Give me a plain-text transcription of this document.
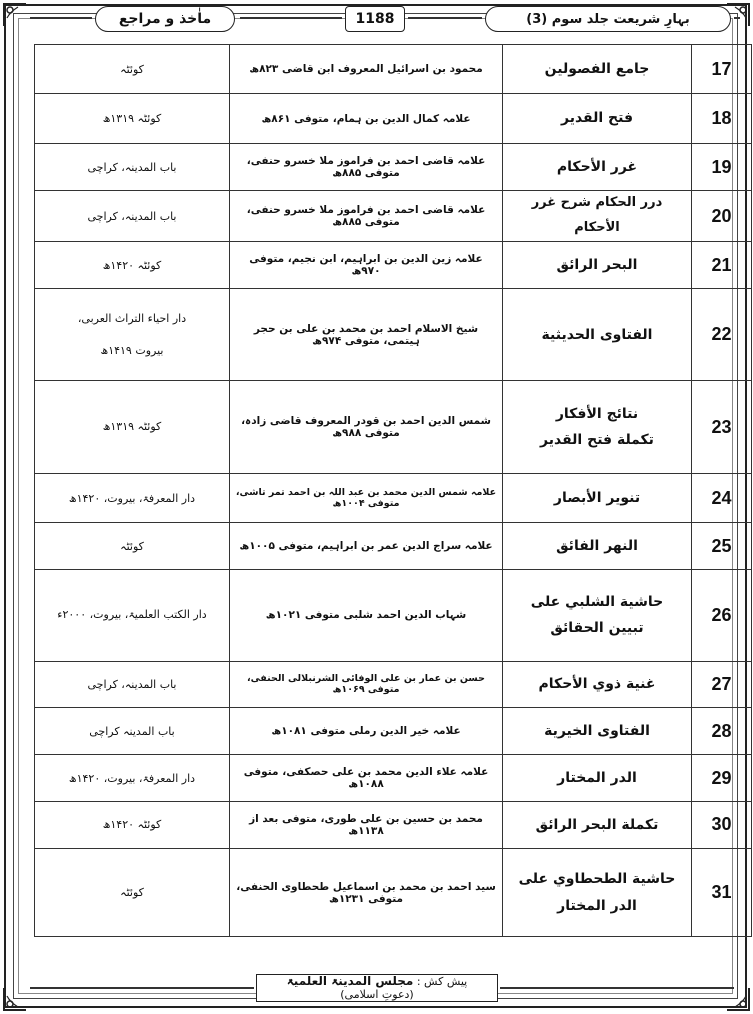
بہارِ شریعت جلد سوم (3)
1188
ماٰخذ و مراجع
کوئٹہ	محمود بن اسرائیل المعروف ابن قاضی ۸۲۳ھ	جامع الفصولين	17
کوئٹہ ۱۳۱۹ھ	علامہ کمال الدین بن ہمام، متوفی ۸۶۱ھ	فتح القدير	18
باب المدینہ، کراچی	علامہ قاضی احمد بن فراموز ملا خسرو حنفی، متوفی ۸۸۵ھ	غرر الأحكام	19
باب المدینہ، کراچی	علامہ قاضی احمد بن فراموز ملا خسرو حنفی، متوفی ۸۸۵ھ	درر الحكام شرح غرر الأحكام	20
کوئٹہ ۱۴۲۰ھ	علامہ زین الدین بن ابراہیم، ابن نجیم، متوفی ۹۷۰ھ	البحر الرائق	21

دار احیاء التراث العربی،
بیروت ۱۴۱۹ھ	شیخ الاسلام احمد بن محمد بن علی بن حجر ہیتمی، متوفی ۹۷۴ھ	الفتاوى الحديثية	22
کوئٹہ ۱۳۱۹ھ	شمس الدین احمد بن قودر المعروف قاضی زادہ، متوفی ۹۸۸ھ	نتائج الأفكار
تكملة فتح القدير	23
دار المعرفۃ، بیروت، ۱۴۲۰ھ	علامہ شمس الدین محمد بن عبد اللہ بن احمد تمر تاشی، متوفی ۱۰۰۴ھ	تنوير الأبصار	24
کوئٹہ	علامہ سراج الدین عمر بن ابراہیم، متوفی ۱۰۰۵ھ	النهر الفائق	25
دار الکتب العلمیۃ، بیروت، ۲۰۰۰ء	شہاب الدین احمد شلبی متوفی ۱۰۲۱ھ	حاشية الشلبي على
تبيين الحقائق	26
باب المدینہ، کراچی	حسن بن عمار بن علی الوفائی الشرنبلالی الحنفی، متوفی ۱۰۶۹ھ	غنية ذوي الأحكام	27
باب المدینہ کراچی	علامہ خیر الدین رملی متوفی ۱۰۸۱ھ	الفتاوى الخيرية	28
دار المعرفۃ، بیروت، ۱۴۲۰ھ	علامہ علاء الدین محمد بن علی حصکفی، متوفی ۱۰۸۸ھ	الدر المختار	29
کوئٹہ ۱۴۲۰ھ	محمد بن حسین بن علی طوری، متوفی بعد از ۱۱۳۸ھ	تكملة البحر الرائق	30
کوئٹہ	سید احمد بن محمد بن اسماعیل طحطاوی الحنفی، متوفی ۱۲۳۱ھ	حاشية الطحطاوي على
الدر المختار	31
پیش کش : مجلس المدینۃ العلمیۃ
(دعوتِ اسلامی)
